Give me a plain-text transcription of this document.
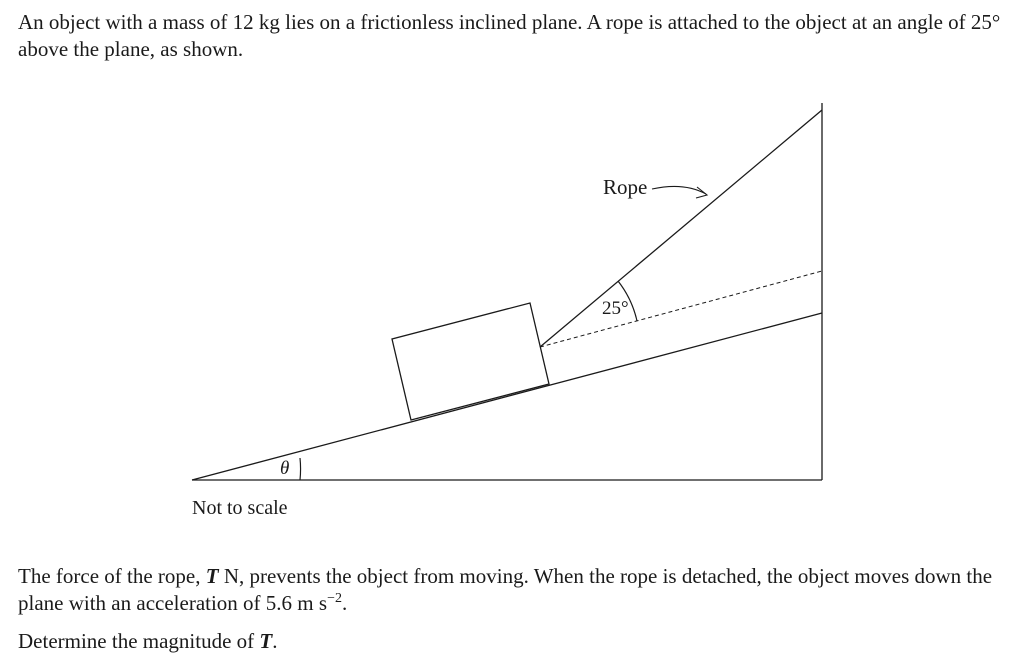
An object with a mass of 12 kg lies on a frictionless inclined plane. A rope is attached to the object at an angle of 25° above the plane, as shown.

θ
25°
Rope
Not to scale

The force of the rope, T N, prevents the object from moving. When the rope is detached, the object moves down the plane with an acceleration of 5.6 m $s^{-2}$.

Determine the magnitude of T.
